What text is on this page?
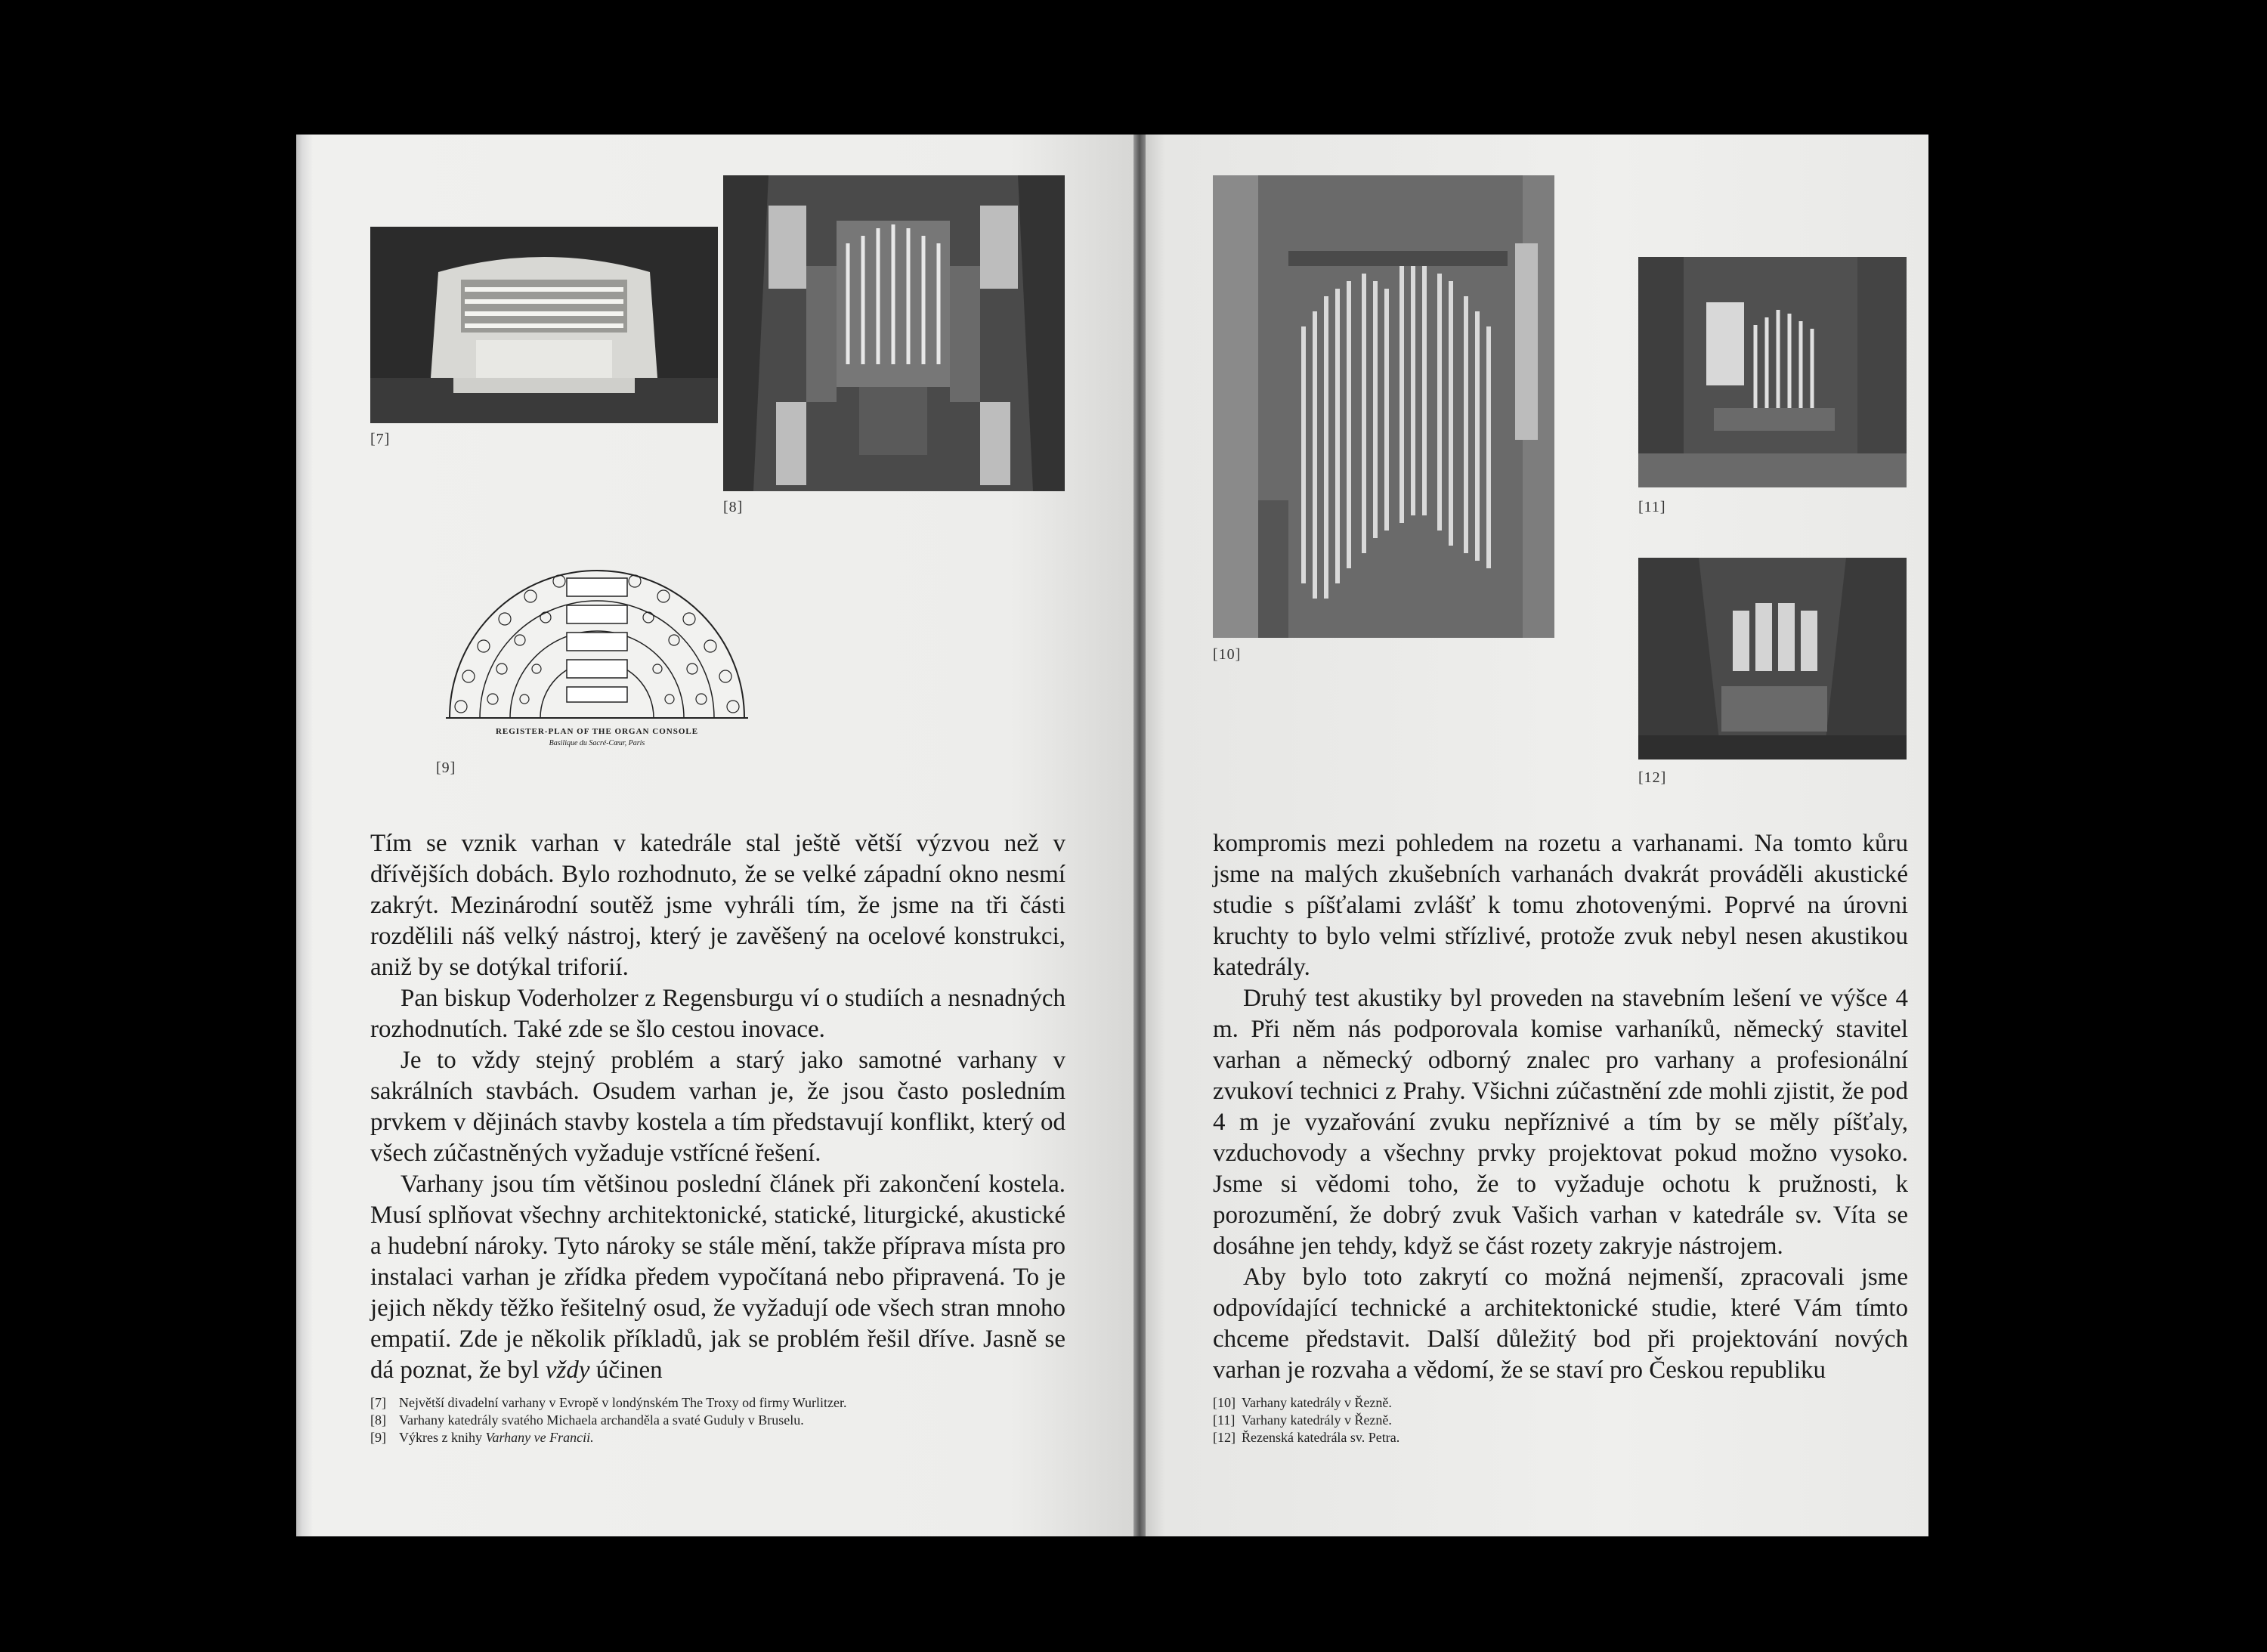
[7]
[8]
REGISTER-PLAN OF THE ORGAN CONSOLE
Basilique du Sacré-Cœur, Paris
[9]

Tím se vznik varhan v katedrále stal ještě větší výzvou než v dřívějších dobách. Bylo rozhodnuto, že se velké západní okno nesmí zakrýt. Mezinárodní soutěž jsme vyhráli tím, že jsme na tři části rozdělili náš velký nástroj, který je zavěšený na ocelové konstrukci, aniž by se dotýkal triforií.

Pan biskup Voderholzer z Regensburgu ví o studiích a nesnadných rozhodnutích. Také zde se šlo cestou inovace.

Je to vždy stejný problém a starý jako samotné varhany v sakrálních stavbách. Osudem varhan je, že jsou často posledním prvkem v dějinách stavby kostela a tím představují konflikt, který od všech zúčastněných vyžaduje vstřícné řešení.

Varhany jsou tím většinou poslední článek při zakončení kostela. Musí splňovat všechny architektonické, statické, liturgické, akustické a hudební nároky. Tyto nároky se stále mění, takže příprava místa pro instalaci varhan je zřídka předem vypočítaná nebo připravená. To je jejich někdy těžko řešitelný osud, že vyžadují ode všech stran mnoho empatií. Zde je několik příkladů, jak se problém řešil dříve. Jasně se dá poznat, že byl vždy účinen

[7] Největší divadelní varhany v Evropě v londýnském The Troxy od firmy Wurlitzer.
[8] Varhany katedrály svatého Michaela archanděla a svaté Guduly v Bruselu.
[9] Výkres z knihy Varhany ve Francii.
[10]
[11]
[12]

kompromis mezi pohledem na rozetu a varhanami. Na tomto kůru jsme na malých zkušebních varhanách dvakrát prováděli akustické studie s píšťalami zvlášť k tomu zhotovenými. Poprvé na úrovni kruchty to bylo velmi střízlivé, protože zvuk nebyl nesen akustikou katedrály.

Druhý test akustiky byl proveden na stavebním lešení ve výšce 4 m. Při něm nás podporovala komise varhaníků, německý stavitel varhan a německý odborný znalec pro varhany a profesionální zvukoví technici z Prahy. Všichni zúčastnění zde mohli zjistit, že pod 4 m je vyzařování zvuku nepříznivé a tím by se měly píšťaly, vzduchovody a všechny prvky projektovat pokud možno vysoko. Jsme si vědomi toho, že to vyžaduje ochotu k pružnosti, k porozumění, že dobrý zvuk Vašich varhan v katedrále sv. Víta se dosáhne jen tehdy, když se část rozety zakryje nástrojem.

Aby bylo toto zakrytí co možná nejmenší, zpracovali jsme odpovídající technické a architektonické studie, které Vám tímto chceme představit. Další důležitý bod při projektování nových varhan je rozvaha a vědomí, že se staví pro Českou republiku

[10] Varhany katedrály v Řezně.
[11] Varhany katedrály v Řezně.
[12] Řezenská katedrála sv. Petra.
